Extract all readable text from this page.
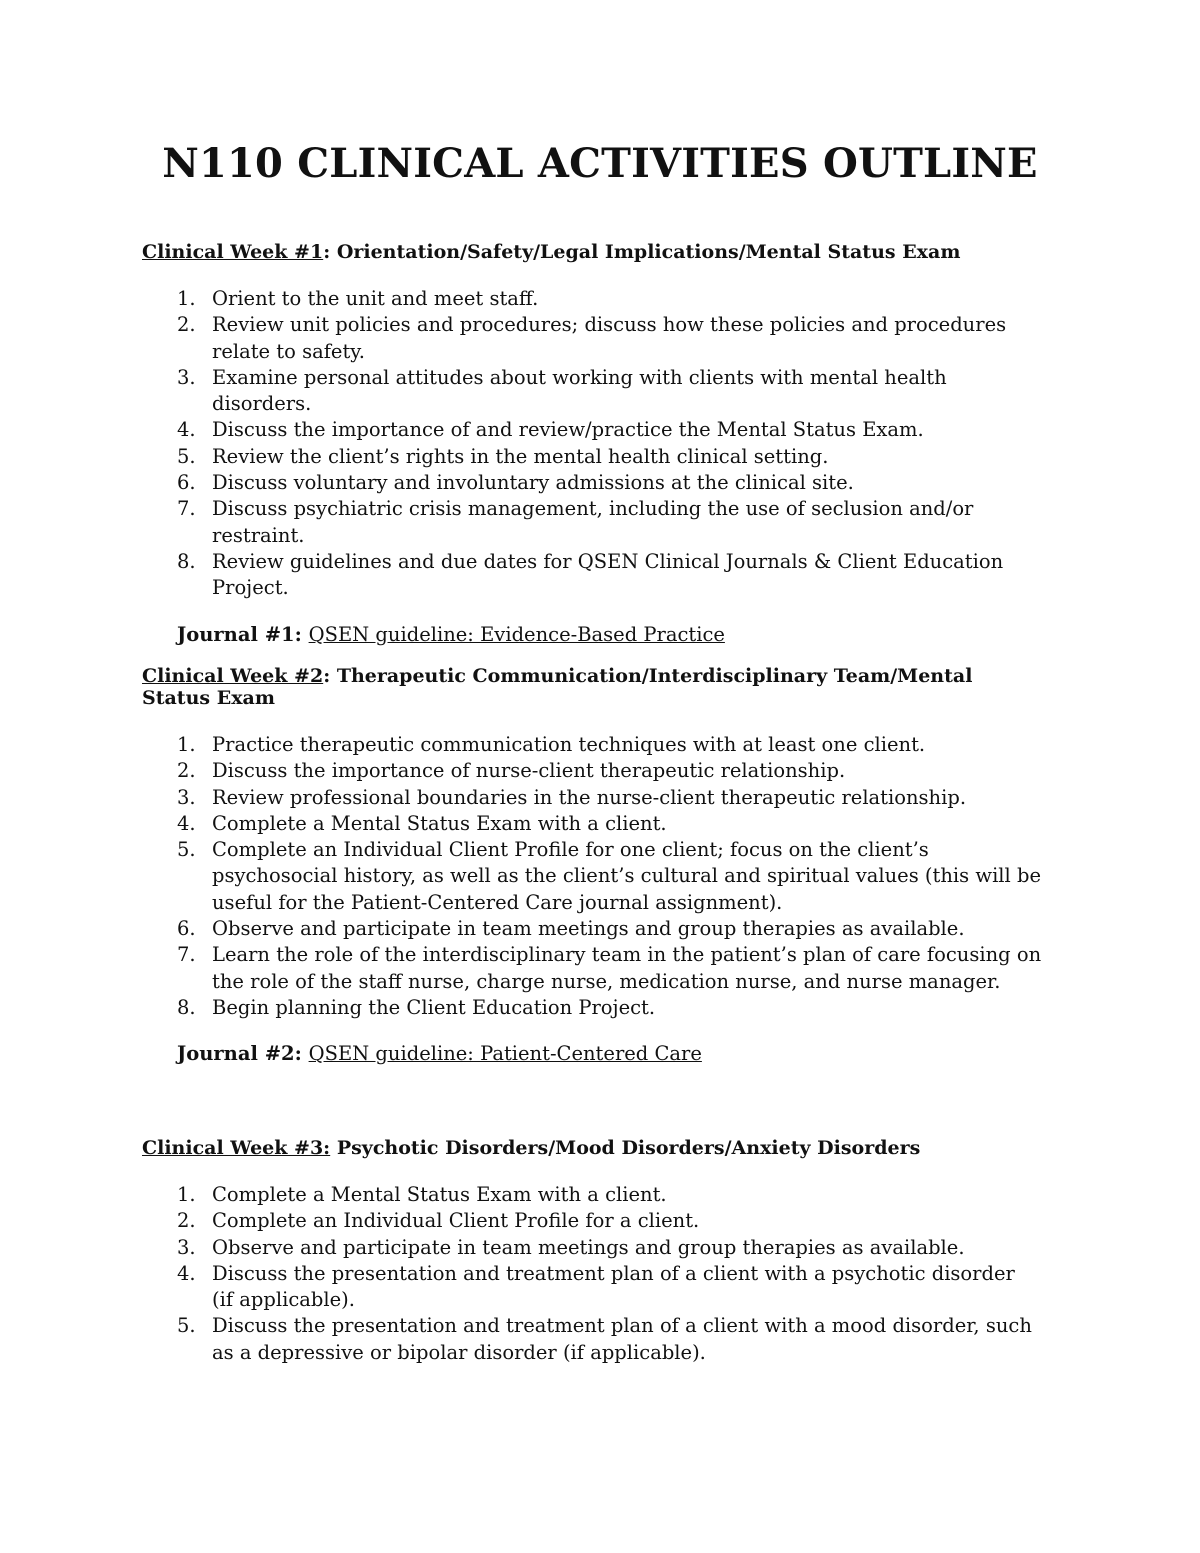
N110 CLINICAL ACTIVITIES OUTLINE

Clinical Week #1: Orientation/Safety/Legal Implications/Mental Status Exam

1. Orient to the unit and meet staff.
2. Review unit policies and procedures; discuss how these policies and procedures relate to safety.
3. Examine personal attitudes about working with clients with mental health disorders.
4. Discuss the importance of and review/practice the Mental Status Exam.
5. Review the client’s rights in the mental health clinical setting.
6. Discuss voluntary and involuntary admissions at the clinical site.
7. Discuss psychiatric crisis management, including the use of seclusion and/or restraint.
8. Review guidelines and due dates for QSEN Clinical Journals & Client Education Project.

Journal #1: QSEN guideline: Evidence-Based Practice

Clinical Week #2: Therapeutic Communication/Interdisciplinary Team/Mental Status Exam

1. Practice therapeutic communication techniques with at least one client.
2. Discuss the importance of nurse-client therapeutic relationship.
3. Review professional boundaries in the nurse-client therapeutic relationship.
4. Complete a Mental Status Exam with a client.
5. Complete an Individual Client Profile for one client; focus on the client’s psychosocial history, as well as the client’s cultural and spiritual values (this will be useful for the Patient-Centered Care journal assignment).
6. Observe and participate in team meetings and group therapies as available.
7. Learn the role of the interdisciplinary team in the patient’s plan of care focusing on the role of the staff nurse, charge nurse, medication nurse, and nurse manager.
8. Begin planning the Client Education Project.

Journal #2: QSEN guideline: Patient-Centered Care

Clinical Week #3: Psychotic Disorders/Mood Disorders/Anxiety Disorders

1. Complete a Mental Status Exam with a client.
2. Complete an Individual Client Profile for a client.
3. Observe and participate in team meetings and group therapies as available.
4. Discuss the presentation and treatment plan of a client with a psychotic disorder (if applicable).
5. Discuss the presentation and treatment plan of a client with a mood disorder, such as a depressive or bipolar disorder (if applicable).
